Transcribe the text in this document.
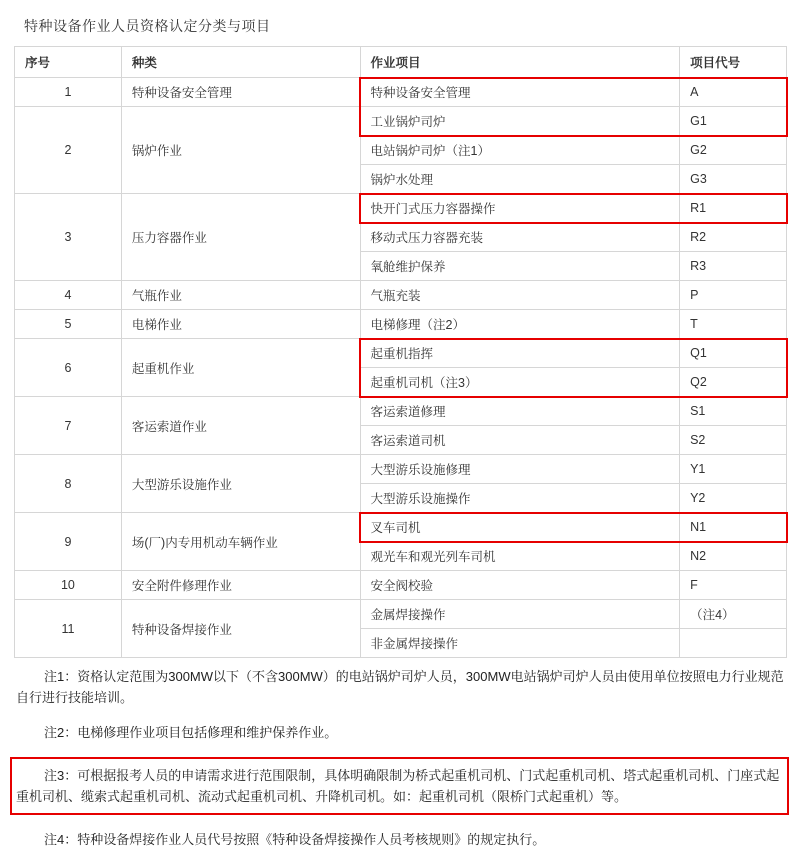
特种设备作业人员资格认定分类与项目
序号	种类	作业项目	项目代号
1	特种设备安全管理	特种设备安全管理	A
2	锅炉作业	工业锅炉司炉	G1
		电站锅炉司炉（注1）	G2
		锅炉水处理	G3
3	压力容器作业	快开门式压力容器操作	R1
		移动式压力容器充装	R2
		氧舱维护保养	R3
4	气瓶作业	气瓶充装	P
5	电梯作业	电梯修理（注2）	T
6	起重机作业	起重机指挥	Q1
		起重机司机（注3）	Q2
7	客运索道作业	客运索道修理	S1
		客运索道司机	S2
8	大型游乐设施作业	大型游乐设施修理	Y1
		大型游乐设施操作	Y2
9	场(厂)内专用机动车辆作业	叉车司机	N1
		观光车和观光列车司机	N2
10	安全附件修理作业	安全阀校验	F
11	特种设备焊接作业	金属焊接操作	（注4）
		非金属焊接操作	

注1：资格认定范围为300MW以下（不含300MW）的电站锅炉司炉人员，300MW电站锅炉司炉人员由使用单位按照电力行业规范自行进行技能培训。

注2：电梯修理作业项目包括修理和维护保养作业。

注3：可根据报考人员的申请需求进行范围限制，具体明确限制为桥式起重机司机、门式起重机司机、塔式起重机司机、门座式起重机司机、缆索式起重机司机、流动式起重机司机、升降机司机。如：起重机司机（限桥门式起重机）等。

注4：特种设备焊接作业人员代号按照《特种设备焊接操作人员考核规则》的规定执行。
